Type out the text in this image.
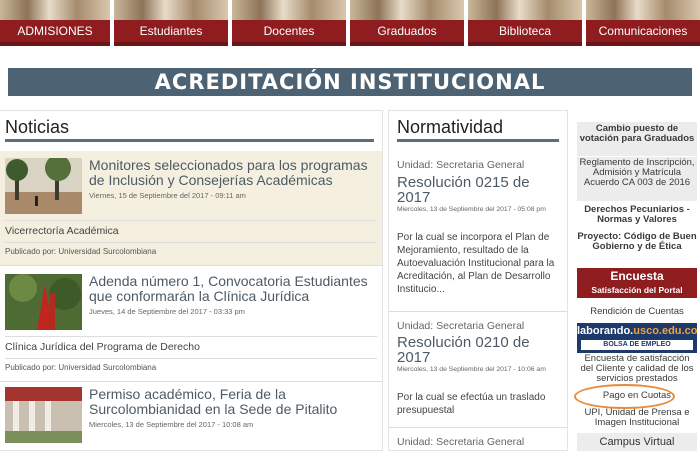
ADMISIONES	Estudiantes	Docentes	Graduados	Biblioteca	Comunicaciones
ACREDITACIÓN INSTITUCIONAL
Noticias
Monitores seleccionados para los programas de Inclusión y Consejerías Académicas
Viernes, 15 de Septiembre del 2017 - 09:11 am
Vicerrectoría Académica
Publicado por: Universidad Surcolombiana
Adenda número 1, Convocatoria Estudiantes que conformarán la Clínica Jurídica
Jueves, 14 de Septiembre del 2017 - 03:33 pm
Clínica Jurídica del Programa de Derecho
Publicado por: Universidad Surcolombiana
Permiso académico, Feria de la Surcolombianidad en la Sede de Pitalito
Miercoles, 13 de Septiembre del 2017 - 10:08 am
Normatividad
Unidad: Secretaria General
Resolución 0215 de 2017
Miercoles, 13 de Septiembre del 2017 - 05:08 pm
Por la cual se incorpora el Plan de Mejoramiento, resultado de la Autoevaluación Institucional para la Acreditación, al Plan de Desarrollo Institucio...
Unidad: Secretaria General
Resolución 0210 de 2017
Miercoles, 13 de Septiembre del 2017 - 10:06 am
Por la cual se efectúa un traslado presupuestal
Unidad: Secretaria General
Cambio puesto de votación para Graduados
Reglamento de Inscripción, Admisión y Matrícula Acuerdo CA 003 de 2016
Derechos Pecuniarios - Normas y Valores
Proyecto: Código de Buen Gobierno y de Ética
Encuesta
Satisfacción del Portal
Rendición de Cuentas
laborando.usco.edu.co
BOLSA DE EMPLEO
Encuesta de satisfacción del Cliente y calidad de los servicios prestados
Pago en Cuotas
UPI, Unidad de Prensa e Imagen Institucional
Campus Virtual
